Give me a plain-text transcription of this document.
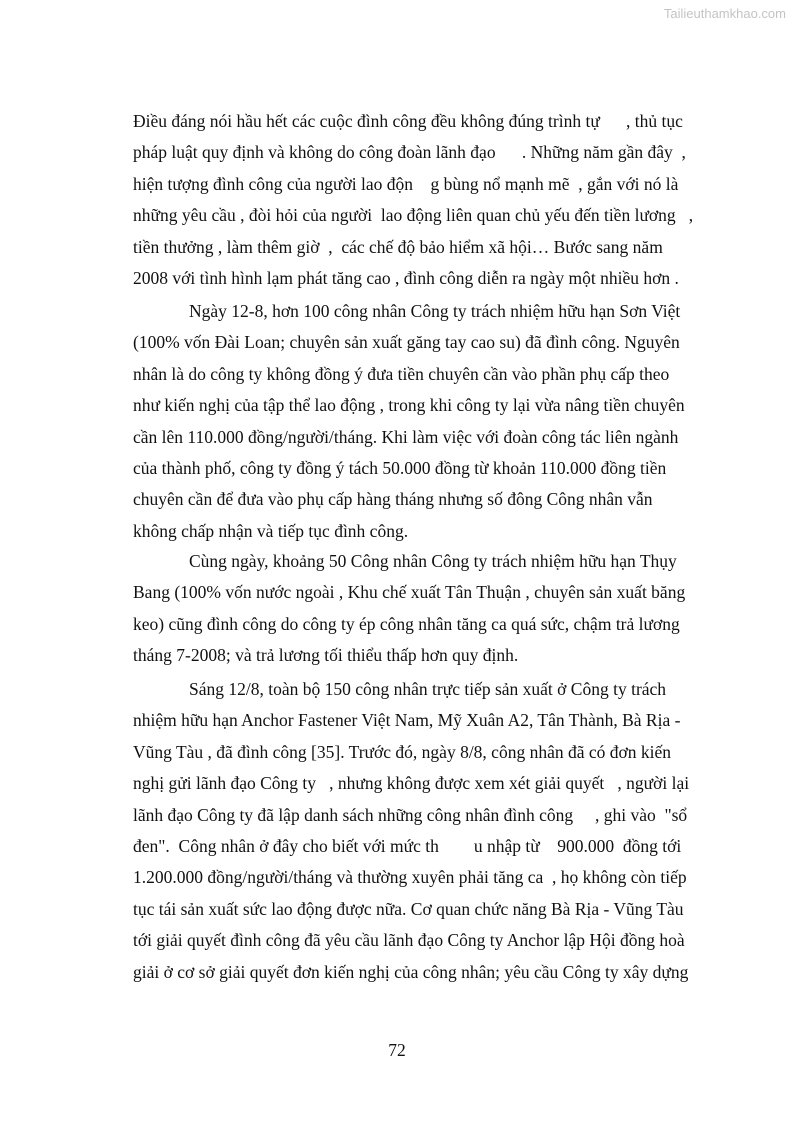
Tailieuthamkhao.com
Điều đáng nói hầu hết các cuộc đình công đều không đúng trình tự      , thủ tục
pháp luật quy định và không do công đoàn lãnh đạo      . Những năm gần đây  ,
hiện tượng đình công của người lao độn    g bùng nổ mạnh mẽ  , gắn với nó là
những yêu cầu , đòi hỏi của người  lao động liên quan chủ yếu đến tiền lương   ,
tiền thưởng , làm thêm giờ  ,  các chế độ bảo hiểm xã hội… Bước sang năm
2008 với tình hình lạm phát tăng cao , đình công diễn ra ngày một nhiều hơn .
Ngày 12-8, hơn 100 công nhân Công ty trách nhiệm hữu hạn Sơn Việt
(100% vốn Đài Loan; chuyên sản xuất găng tay cao su) đã đình công. Nguyên
nhân là do công ty không đồng ý đưa tiền chuyên cần vào phần phụ cấp theo
như kiến nghị của tập thể lao động , trong khi công ty lại vừa nâng tiền chuyên
cần lên 110.000 đồng/người/tháng. Khi làm việc với đoàn công tác liên ngành
của thành phố, công ty đồng ý tách 50.000 đồng từ khoản 110.000 đồng tiền
chuyên cần để đưa vào phụ cấp hàng tháng nhưng số đông Công nhân vẫn
không chấp nhận và tiếp tục đình công.
Cùng ngày, khoảng 50 Công nhân Công ty trách nhiệm hữu hạn Thụy
Bang (100% vốn nước ngoài , Khu chế xuất Tân Thuận , chuyên sản xuất băng
keo) cũng đình công do công ty ép công nhân tăng ca quá sức, chậm trả lương
tháng 7-2008; và trả lương tối thiểu thấp hơn quy định.
Sáng 12/8, toàn bộ 150 công nhân trực tiếp sản xuất ở Công ty trách
nhiệm hữu hạn Anchor Fastener Việt Nam, Mỹ Xuân A2, Tân Thành, Bà Rịa -
Vũng Tàu , đã đình công [35]. Trước đó, ngày 8/8, công nhân đã có đơn kiến
nghị gửi lãnh đạo Công ty   , nhưng không được xem xét giải quyết   , người lại
lãnh đạo Công ty đã lập danh sách những công nhân đình công     , ghi vào  "sổ
đen".  Công nhân ở đây cho biết với mức th        u nhập từ    900.000  đồng tới
1.200.000 đồng/người/tháng và thường xuyên phải tăng ca  , họ không còn tiếp
tục tái sản xuất sức lao động được nữa. Cơ quan chức năng Bà Rịa - Vũng Tàu
tới giải quyết đình công đã yêu cầu lãnh đạo Công ty Anchor lập Hội đồng hoà
giải ở cơ sở giải quyết đơn kiến nghị của công nhân; yêu cầu Công ty xây dựng
72
